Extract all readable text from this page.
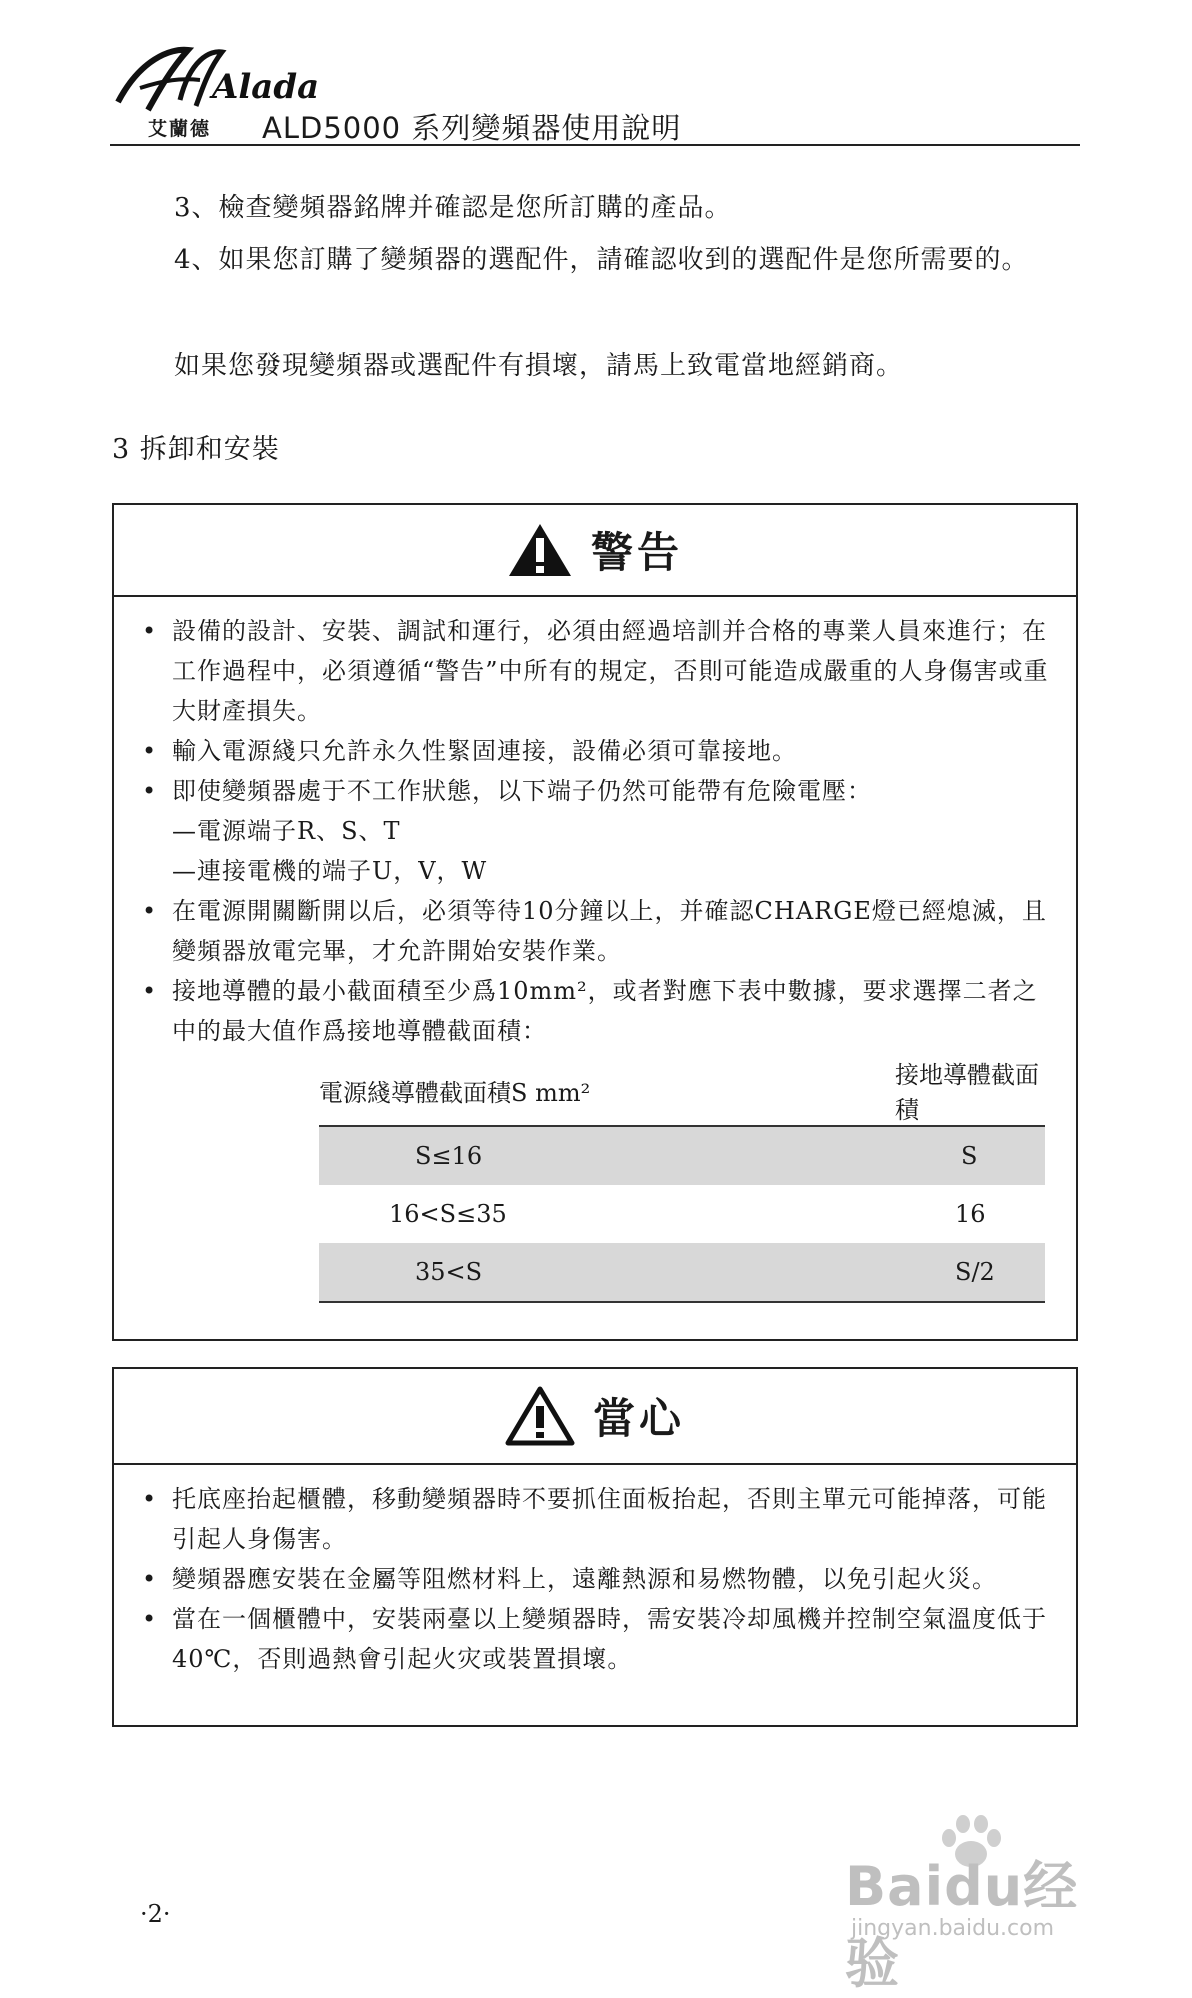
Alada
艾蘭德 ALD5000 系列變頻器使用說明
3、檢查變頻器銘牌并確認是您所訂購的產品。
4、如果您訂購了變頻器的選配件，請確認收到的選配件是您所需要的。
如果您發現變頻器或選配件有損壞，請馬上致電當地經銷商。
3 拆卸和安裝
警告
• 設備的設計、安裝、調試和運行，必須由經過培訓并合格的專業人員來進行；在工作過程中，必須遵循“警告”中所有的規定，否則可能造成嚴重的人身傷害或重大財產損失。
• 輸入電源綫只允許永久性緊固連接，設備必須可靠接地。
• 即使變頻器處于不工作狀態，以下端子仍然可能帶有危險電壓：
—電源端子R、S、T
—連接電機的端子U，V，W
• 在電源開關斷開以后，必須等待10分鐘以上，并確認CHARGE燈已經熄滅，且變頻器放電完畢，才允許開始安裝作業。
• 接地導體的最小截面積至少爲10mm²，或者對應下表中數據，要求選擇二者之中的最大值作爲接地導體截面積：
電源綫導體截面積S mm²	接地導體截面積
S≤16	S
16<S≤35	16
35<S	S/2
當心
• 托底座抬起櫃體，移動變頻器時不要抓住面板抬起，否則主單元可能掉落，可能引起人身傷害。
• 變頻器應安裝在金屬等阻燃材料上，遠離熱源和易燃物體，以免引起火災。
• 當在一個櫃體中，安裝兩臺以上變頻器時，需安裝冷却風機并控制空氣溫度低于40℃，否則過熱會引起火灾或裝置損壞。
·2·	Baidu经验
jingyan.baidu.com
